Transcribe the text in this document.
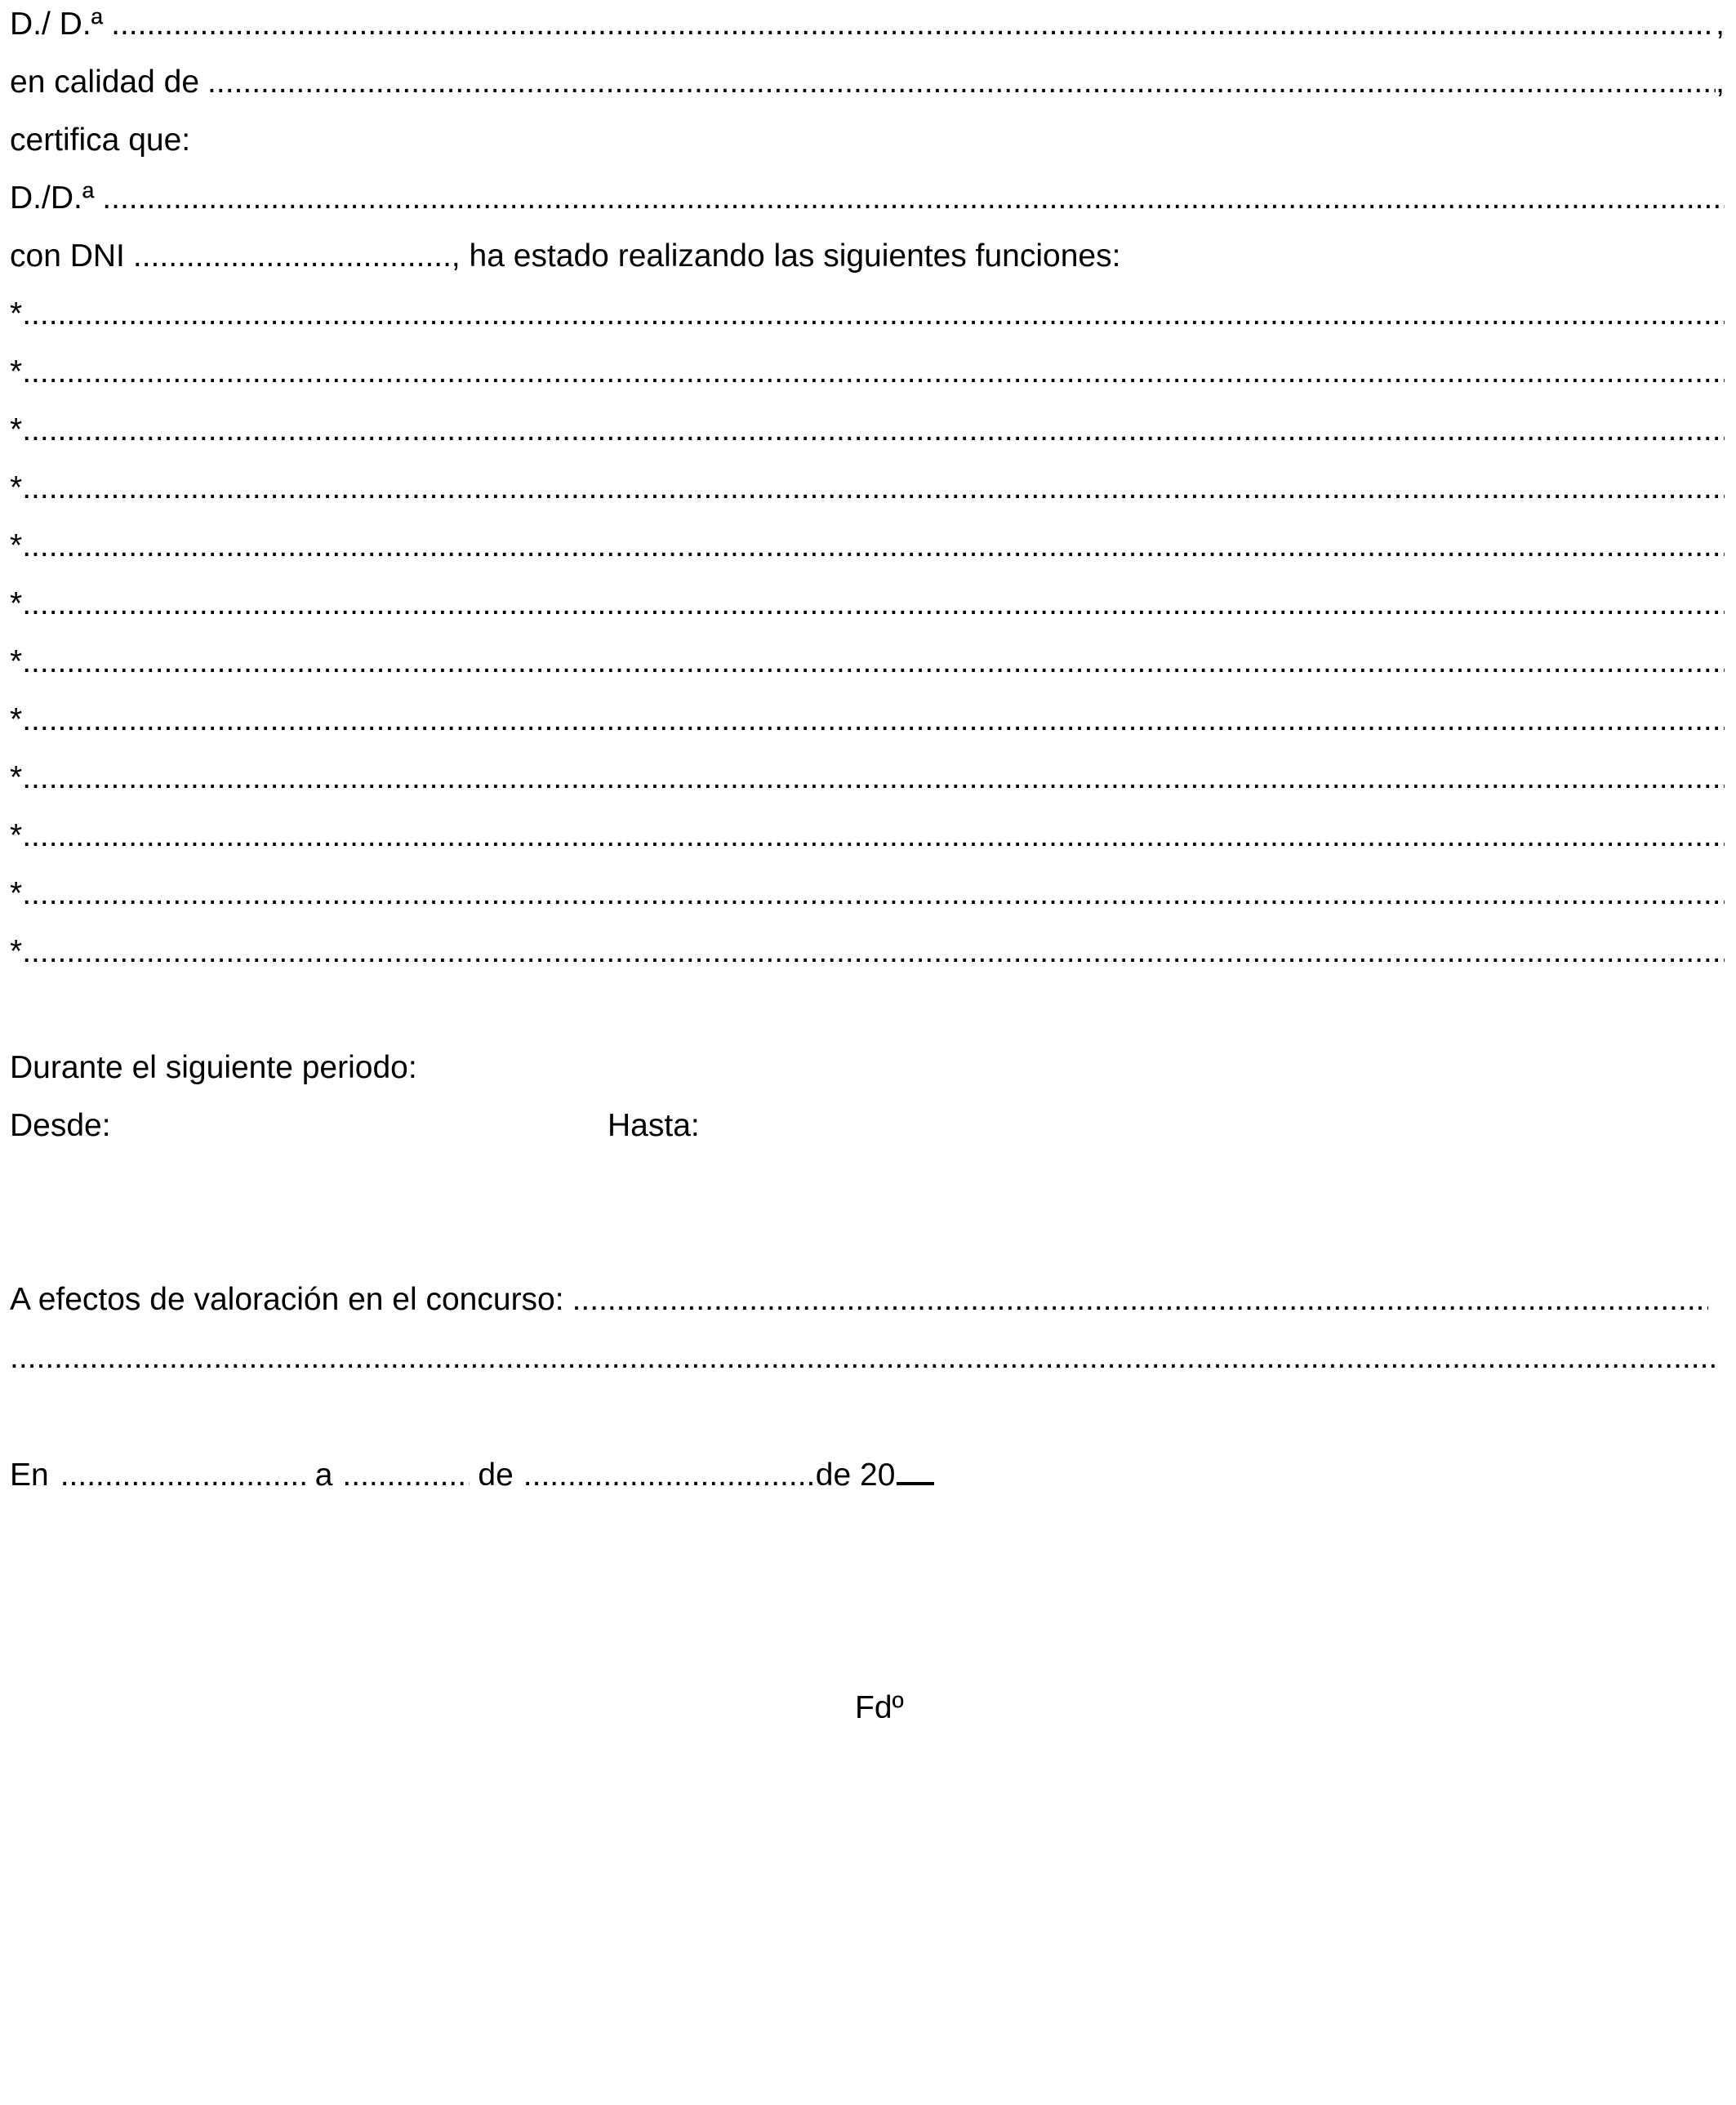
D./ D.ª .....	,
en calidad de .....	,
certifica que:
D./D.ª
.....
con DNI .....	, ha estado realizando las siguientes funciones:
*
.....
*
.....
*
.....
*
.....
*
.....
*
.....
*
.....
*
.....
*
.....
*
.....
*
.....
*
.....
Durante el siguiente periodo:
Desde:	Hasta:
A efectos de valoración en el concurso:
.....
.....
En .....	a .....	de .....	de 20
Fdº
